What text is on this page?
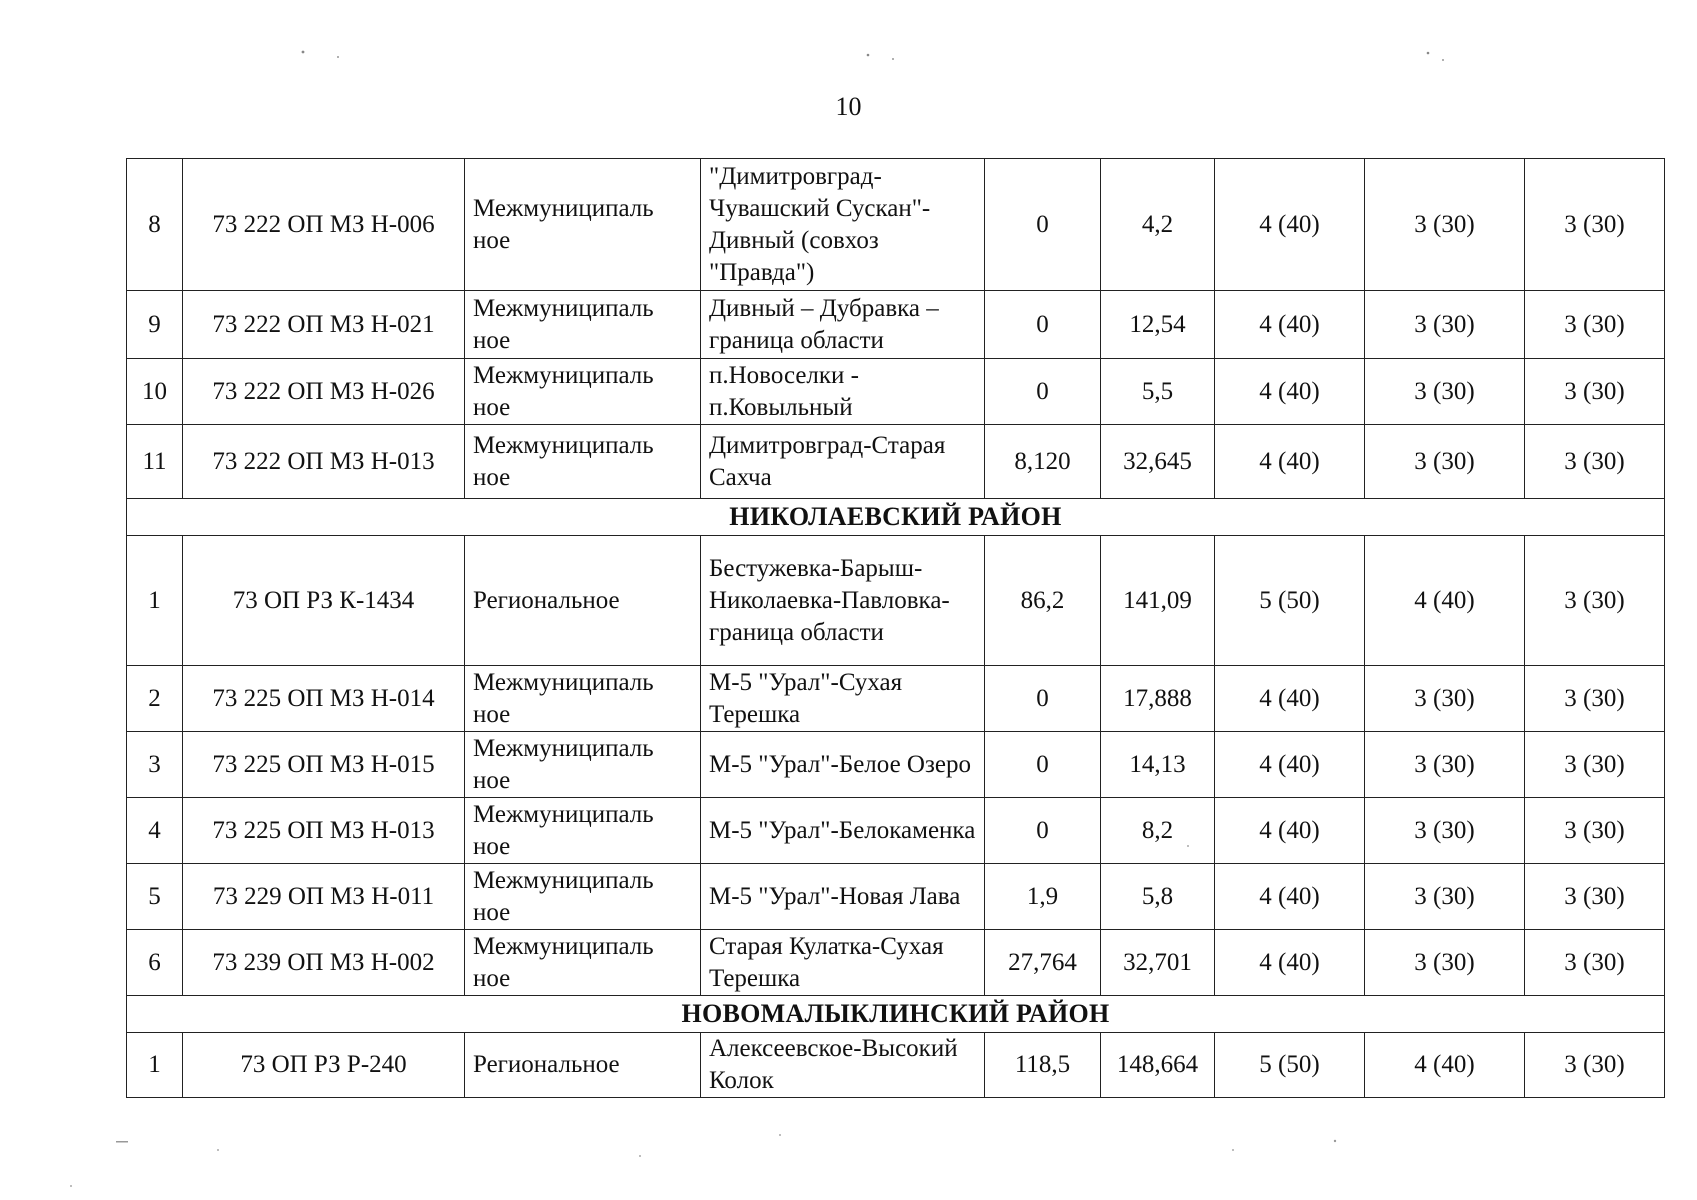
10
8	73 222 ОП МЗ Н-006	Межмуниципаль ное	"Димитровград-Чувашский Сускан"-Дивный (совхоз "Правда")	0	4,2	4 (40)	3 (30)	3 (30)
9	73 222 ОП МЗ Н-021	Межмуниципаль ное	Дивный – Дубравка – граница области	0	12,54	4 (40)	3 (30)	3 (30)
10	73 222 ОП МЗ Н-026	Межмуниципаль ное	п.Новоселки - п.Ковыльный	0	5,5	4 (40)	3 (30)	3 (30)
11	73 222 ОП МЗ Н-013	Межмуниципаль ное	Димитровград-Старая Сахча	8,120	32,645	4 (40)	3 (30)	3 (30)
НИКОЛАЕВСКИЙ РАЙОН								
1	73 ОП РЗ К-1434	Региональное	Бестужевка-Барыш-Николаевка-Павловка-граница области	86,2	141,09	5 (50)	4 (40)	3 (30)
2	73 225 ОП МЗ Н-014	Межмуниципаль ное	М-5 "Урал"-Сухая Терешка	0	17,888	4 (40)	3 (30)	3 (30)
3	73 225 ОП МЗ Н-015	Межмуниципаль ное	М-5 "Урал"-Белое Озеро	0	14,13	4 (40)	3 (30)	3 (30)
4	73 225 ОП МЗ Н-013	Межмуниципаль ное	М-5 "Урал"-Белокаменка	0	8,2	4 (40)	3 (30)	3 (30)
5	73 229 ОП МЗ Н-011	Межмуниципаль ное	М-5 "Урал"-Новая Лава	1,9	5,8	4 (40)	3 (30)	3 (30)
6	73 239 ОП МЗ Н-002	Межмуниципаль ное	Старая Кулатка-Сухая Терешка	27,764	32,701	4 (40)	3 (30)	3 (30)
НОВОМАЛЫКЛИНСКИЙ РАЙОН								
1	73 ОП РЗ Р-240	Региональное	Алексеевское-Высокий Колок	118,5	148,664	5 (50)	4 (40)	3 (30)
